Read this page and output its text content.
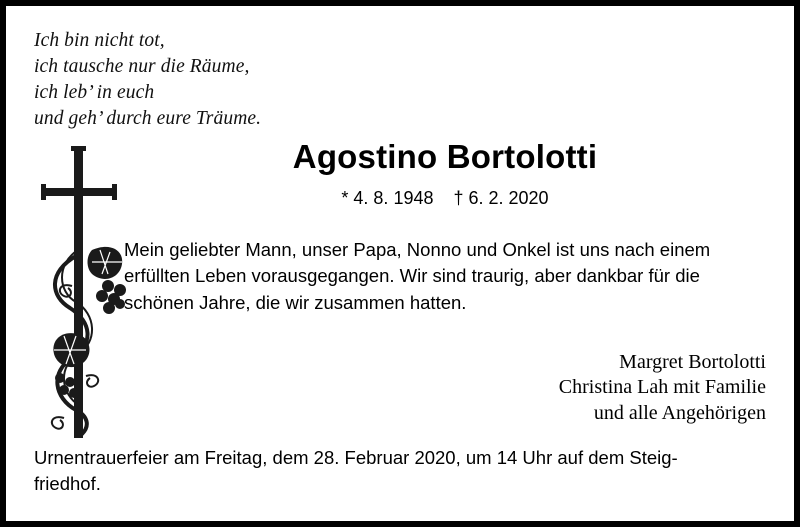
Ich bin nicht tot,
ich tausche nur die Räume,
ich leb’ in euch
und geh’ durch eure Träume.
Agostino Bortolotti
* 4. 8. 1948    † 6. 2. 2020
Mein geliebter Mann, unser Papa, Nonno und Onkel ist uns nach einem
erfüllten Leben vorausgegangen. Wir sind traurig, aber dankbar für die
schönen Jahre, die wir zusammen hatten.
Margret Bortolotti
Christina Lah mit Familie
und alle Angehörigen
Urnentrauerfeier am Freitag, dem 28. Februar 2020, um 14 Uhr auf dem Steig-
friedhof.
